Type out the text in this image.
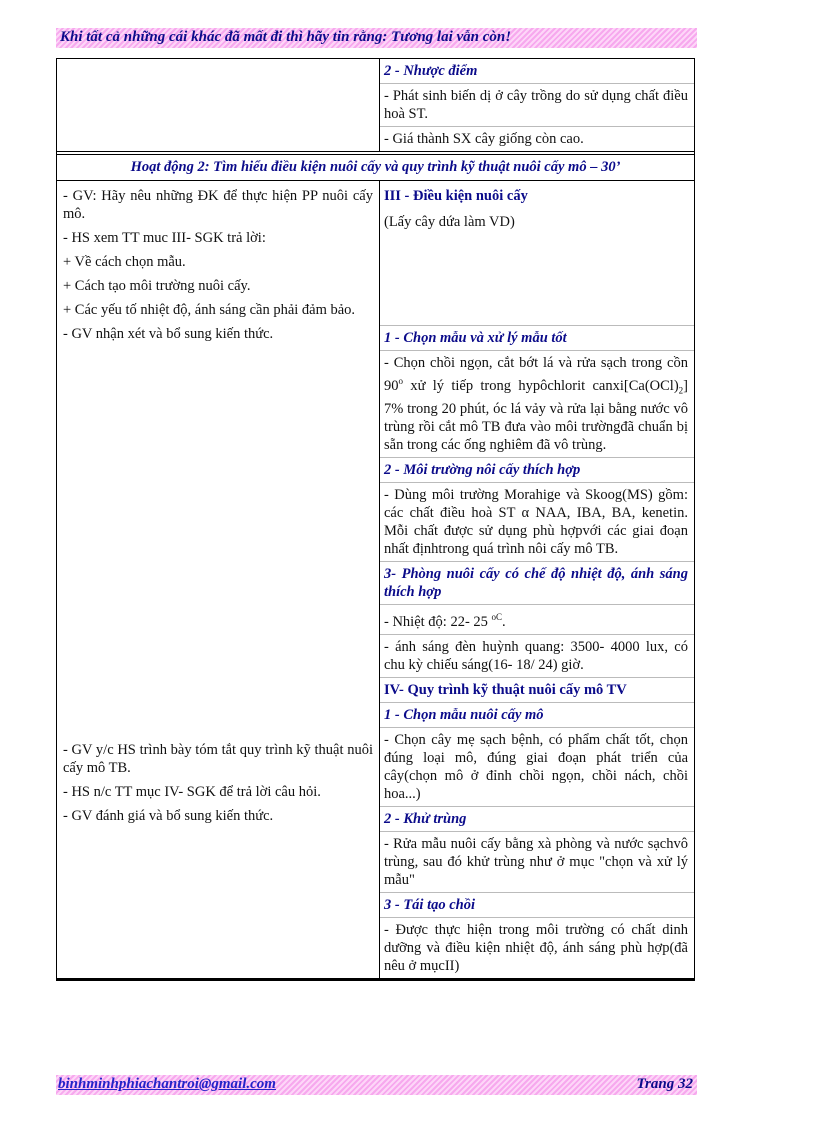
Khi tất cả những cái khác đã mất đi thì hãy tin rằng: Tương lai vẫn còn!
2 - Nhược điểm
- Phát sinh biến dị ở cây trồng do sử dụng chất điều hoà ST.
- Giá thành SX cây giống còn cao.
Hoạt động 2: Tìm hiểu điều kiện nuôi cấy và quy trình kỹ thuật nuôi cấy mô – 30’

- GV: Hãy nêu những ĐK để thực hiện PP nuôi cấy mô.

- HS xem TT muc III- SGK trả lời:

+ Về cách chọn mẫu.

+ Cách tạo môi trường nuôi cấy.

+ Các yếu tố nhiệt độ, ánh sáng cần phải đảm bảo.

- GV nhận xét và bổ sung kiến thức.

- GV y/c HS trình bày tóm tắt quy trình kỹ thuật nuôi cấy mô TB.

- HS n/c TT mục IV- SGK để trả lời câu hỏi.

- GV đánh giá và bổ sung kiến thức.

III - Điều kiện nuôi cấy
(Lấy cây dứa làm VD)
1 - Chọn mẫu và xử lý mẫu tốt
- Chọn chồi ngọn, cắt bớt lá và rửa sạch trong cồn 90$^o$ xử lý tiếp trong hypôchlorit $canxi[Ca(OCl)_2]$ 7% trong 20 phút, óc lá vảy và rửa lại bằng nước vô trùng rồi cắt mô TB đưa vào môi trườngđã chuẩn bị sẵn trong các ống nghiêm đã vô trùng.
2 - Môi trường nôi cấy thích hợp
- Dùng môi trường Morahige và Skoog(MS) gồm: các chất điều hoà ST α NAA, IBA, BA, kenetin. Mỗi chất được sử dụng phù hợpvới các giai đoạn nhất địnhtrong quá trình nôi cấy mô TB.
3- Phòng nuôi cấy có chế độ nhiệt độ, ánh sáng thích hợp
- Nhiệt độ: 22- 25 $^{oC}$.
- ánh sáng đèn huỳnh quang: 3500- 4000 lux, có chu kỳ chiếu sáng(16- 18/ 24) giờ.
IV- Quy trình kỹ thuật nuôi cấy mô TV
1 - Chọn mẫu nuôi cấy mô
- Chọn cây mẹ sạch bệnh, có phẩm chất tốt, chọn đúng loại mô, đúng giai đoạn phát triển của cây(chọn mô ở đỉnh chồi ngọn, chồi nách, chồi hoa...)
2 - Khử trùng
- Rửa mẫu nuôi cấy bằng xà phòng và nước sạchvô trùng, sau đó khử trùng như ở mục "chọn và xử lý mẫu"
3 - Tái tạo chồi
- Được thực hiện trong môi trường có chất dinh dưỡng và điều kiện nhiệt độ, ánh sáng phù hợp(đã nêu ở mụcII)
binhminhphiachantroi@gmail.com	Trang 32
